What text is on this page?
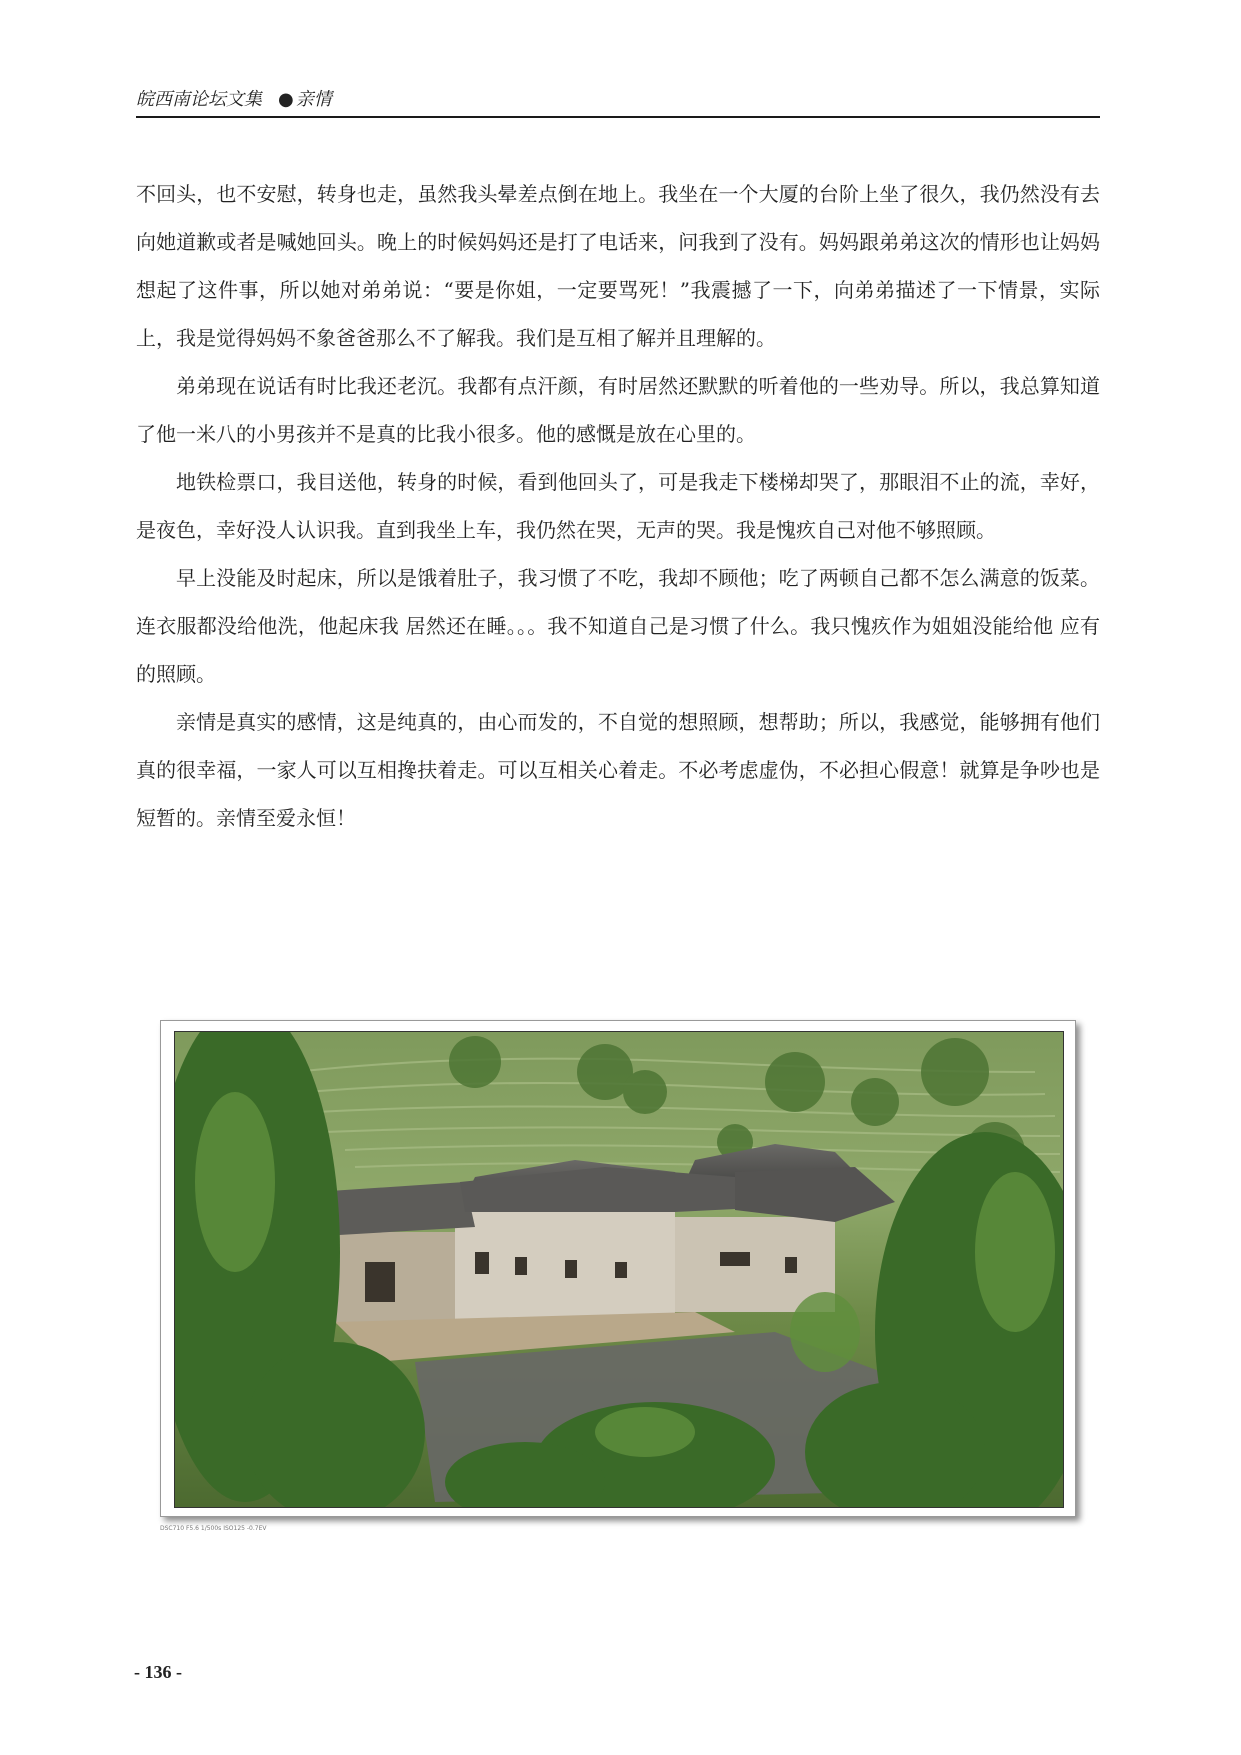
皖西南论坛文集 ● 亲情

不回头，也不安慰，转身也走，虽然我头晕差点倒在地上。我坐在一个大厦的台阶上坐了很久，我仍然没有去向她道歉或者是喊她回头。晚上的时候妈妈还是打了电话来，问我到了没有。妈妈跟弟弟这次的情形也让妈妈想起了这件事，所以她对弟弟说：“要是你姐，一定要骂死！”我震撼了一下，向弟弟描述了一下情景，实际上，我是觉得妈妈不象爸爸那么不了解我。我们是互相了解并且理解的。

弟弟现在说话有时比我还老沉。我都有点汗颜，有时居然还默默的听着他的一些劝导。所以，我总算知道了他一米八的小男孩并不是真的比我小很多。他的感慨是放在心里的。

地铁检票口，我目送他，转身的时候，看到他回头了，可是我走下楼梯却哭了，那眼泪不止的流，幸好，是夜色，幸好没人认识我。直到我坐上车，我仍然在哭，无声的哭。我是愧疚自己对他不够照顾。

早上没能及时起床，所以是饿着肚子，我习惯了不吃，我却不顾他；吃了两顿自己都不怎么满意的饭菜。连衣服都没给他洗，他起床我 居然还在睡。。。我不知道自己是习惯了什么。我只愧疚作为姐姐没能给他 应有的照顾。

亲情是真实的感情，这是纯真的，由心而发的，不自觉的想照顾，想帮助；所以，我感觉，能够拥有他们真的很幸福，一家人可以互相搀扶着走。可以互相关心着走。不必考虑虚伪，不必担心假意！就算是争吵也是短暂的。亲情至爱永恒！

DSC710 F5.6 1/500s ISO125 -0.7EV
- 136 -
